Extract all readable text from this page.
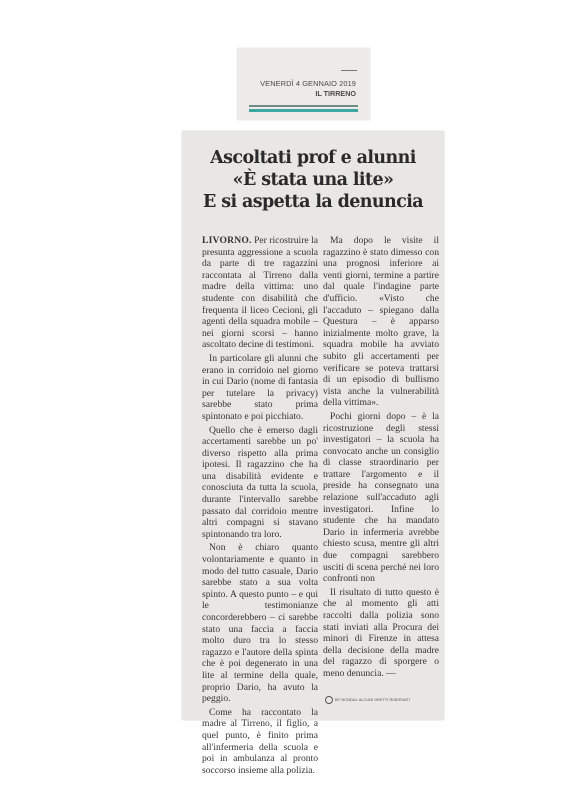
VENERDÌ 4 GENNAIO 2019
IL TIRRENO
Ascoltati prof e alunni
«È stata una lite»
E si aspetta la denuncia

LIVORNO. Per ricostruire la presunta aggressione a scuola da parte di tre ragazzini raccontata al Tirreno dalla madre della vittima: uno studente con disabilità che frequenta il liceo Cecioni, gli agenti della squadra mobile – nei giorni scorsi – hanno ascoltato decine di testimoni.

In particolare gli alunni che erano in corridoio nel giorno in cui Dario (nome di fantasia per tutelare la privacy) sarebbe stato prima spintonato e poi picchiato.

Quello che è emerso dagli accertamenti sarebbe un po' diverso rispetto alla prima ipotesi. Il ragazzino che ha una disabilità evidente e conosciuta da tutta la scuola, durante l'intervallo sarebbe passato dal corridoio mentre altri compagni si stavano spintonando tra loro.

Non è chiaro quanto volontariamente e quanto in modo del tutto casuale, Dario sarebbe stato a sua volta spinto. A questo punto – e qui le testimonianze concorderebbero – ci sarebbe stato una faccia a faccia molto duro tra lo stesso ragazzo e l'autore della spinta che è poi degenerato in una lite al termine della quale, proprio Dario, ha avuto la peggio.

Come ha raccontato la madre al Tirreno, il figlio, a quel punto, è finito prima all'infermeria della scuola e poi in ambulanza al pronto soccorso insieme alla polizia.

Ma dopo le visite il ragazzino è stato dimesso con una prognosi inferiore ai venti giorni, termine a partire dal quale l'indagine parte d'ufficio. «Visto che l'accaduto – spiegano dalla Questura – è apparso inizialmente molto grave, la squadra mobile ha avviato subito gli accertamenti per verificare se poteva trattarsi di un episodio di bullismo vista anche la vulnerabilità della vittima».

Pochi giorni dopo – è la ricostruzione degli stessi investigatori – la scuola ha convocato anche un consiglio di classe straordinario per trattare l'argomento e il preside ha consegnato una relazione sull'accaduto agli investigatori. Infine lo studente che ha mandato Dario in infermeria avrebbe chiesto scusa, mentre gli altri due compagni sarebbero usciti di scena perché nei loro confronti non

Il risultato di tutto questo è che al momento gli atti raccolti dalla polizia sono stati inviati alla Procura dei minori di Firenze in attesa della decisione della madre del ragazzo di sporgere o meno denuncia. —

BY NCNDAL ALCUNI DIRITTI RISERVATI
